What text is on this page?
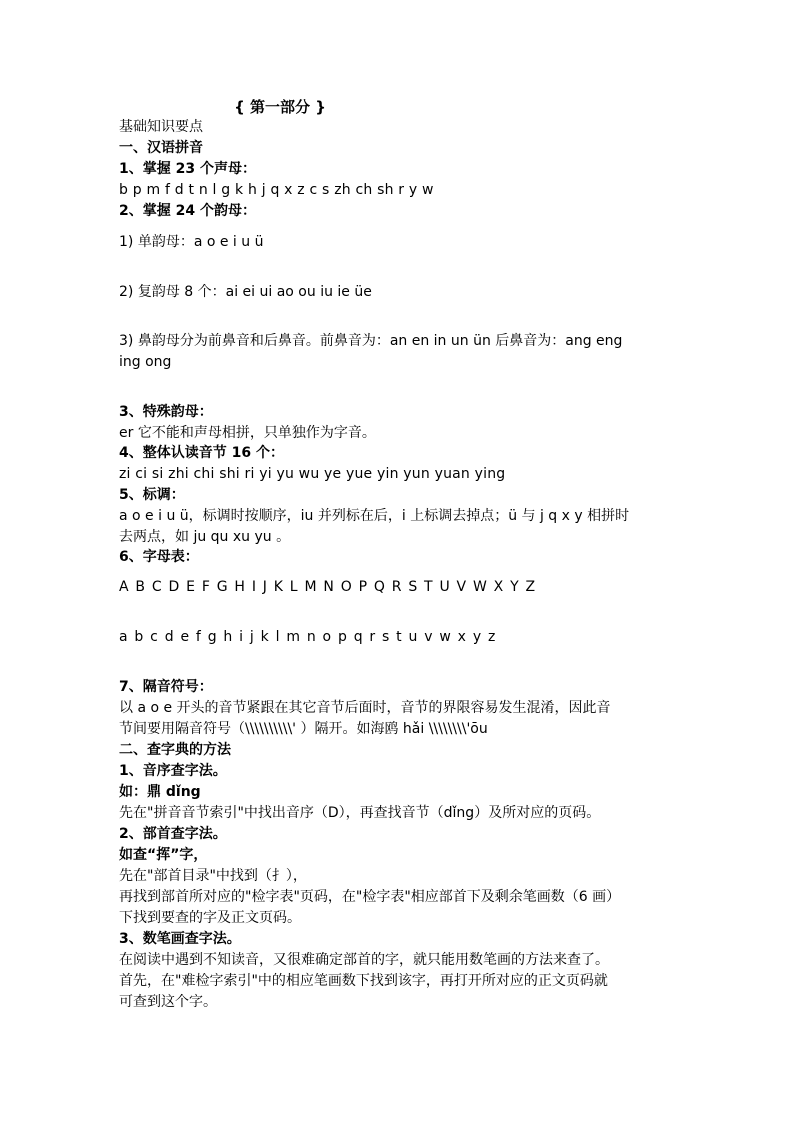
{ 第一部分 }
基础知识要点
一、汉语拼音
1、掌握 23 个声母：
b p m f d t n l g k h j q x z c s zh ch sh r y w
2、掌握 24 个韵母：
1) 单韵母：a o e i u ü
2) 复韵母 8 个：ai ei ui ao ou iu ie üe
3) 鼻韵母分为前鼻音和后鼻音。前鼻音为：an en in un ün 后鼻音为：ang eng
ing ong
3、特殊韵母：
er 它不能和声母相拼，只单独作为字音。
4、整体认读音节 16 个：
zi ci si zhi chi shi ri yi yu wu ye yue yin yun yuan ying
5、标调：
a o e i u ü，标调时按顺序，iu 并列标在后，i 上标调去掉点；ü 与 j q x y 相拼时
去两点，如 ju qu xu yu 。
6、字母表：
A B C D E F G H I J K L M N O P Q R S T U V W X Y Z
a b c d e f g h i j k l m n o p q r s t u v w x y z
7、隔音符号：
以 a o e 开头的音节紧跟在其它音节后面时，音节的界限容易发生混淆，因此音
节间要用隔音符号（\\\\\\\\\\' ）隔开。如海鸥 hǎi \\\\\\\\'ōu
二、查字典的方法
1、音序查字法。
如：鼎 dǐng
先在"拼音音节索引"中找出音序（D），再查找音节（dǐng）及所对应的页码。
2、部首查字法。
如查“挥”字，
先在"部首目录"中找到（扌），
再找到部首所对应的"检字表"页码，在"检字表"相应部首下及剩余笔画数（6 画）
下找到要查的字及正文页码。
3、数笔画查字法。
在阅读中遇到不知读音，又很难确定部首的字，就只能用数笔画的方法来查了。
首先，在"难检字索引"中的相应笔画数下找到该字，再打开所对应的正文页码就
可查到这个字。
